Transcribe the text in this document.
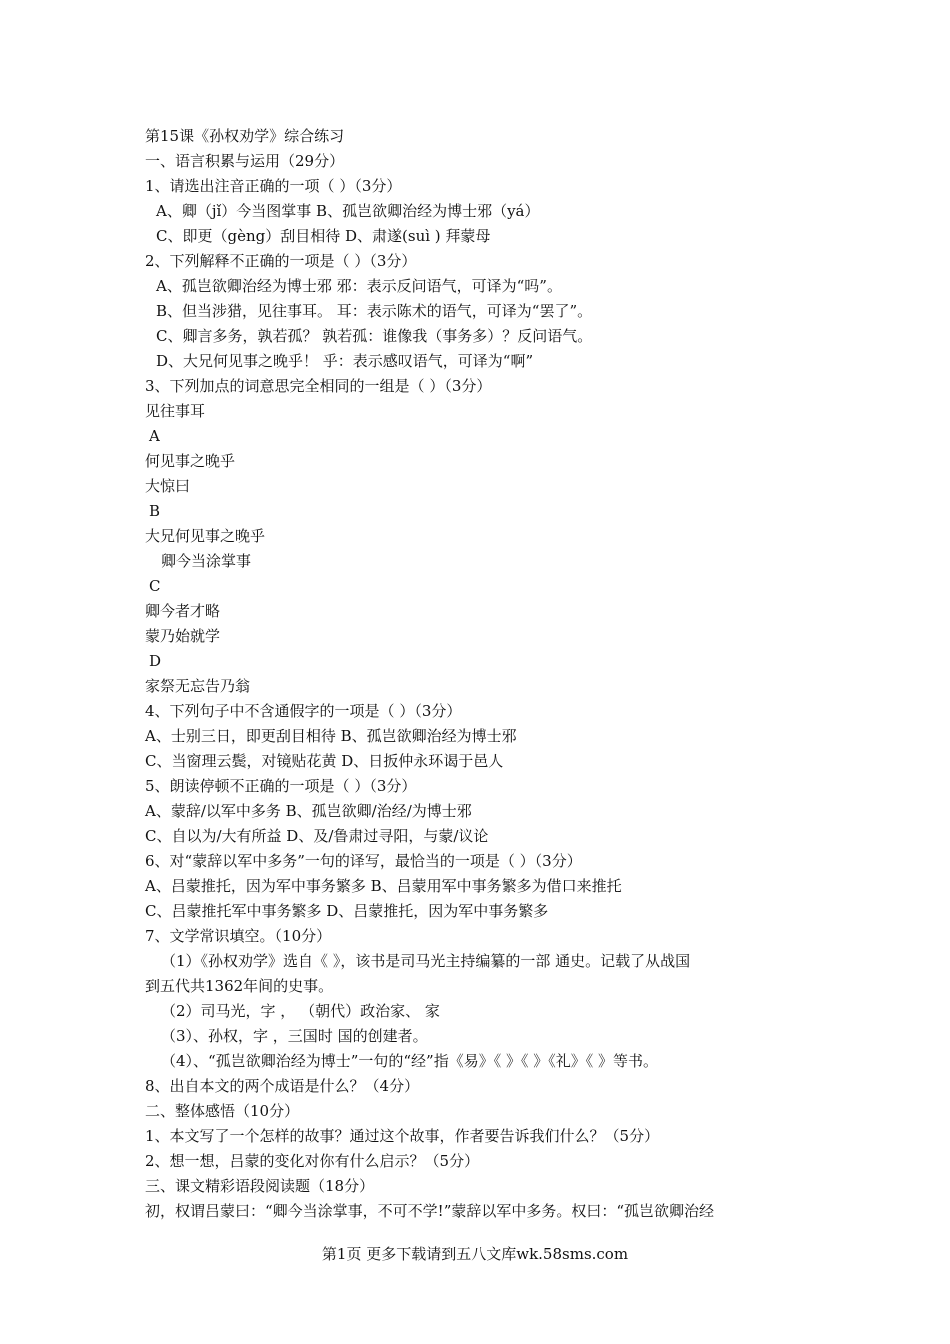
第15课《孙权劝学》综合练习
一、语言积累与运用（29分）
1、请选出注音正确的一项（ ）（3分）
A、卿（jǐ）今当图掌事 B、孤岂欲卿治经为博士邪（yá）
C、即更（gèng）刮目相待 D、肃遂(suì ) 拜蒙母
2、下列解释不正确的一项是（ ）（3分）
A、孤岂欲卿治经为博士邪 邪：表示反问语气，可译为“吗”。
B、但当涉猎，见往事耳。 耳：表示陈术的语气，可译为“罢了”。
C、卿言多务，孰若孤？ 孰若孤：谁像我（事务多）？反问语气。
D、大兄何见事之晚乎！ 乎：表示感叹语气，可译为“啊”
3、下列加点的词意思完全相同的一组是（ ）（3分）
见往事耳
A
何见事之晚乎
大惊曰
B
大兄何见事之晚乎
卿今当涂掌事
C
卿今者才略
蒙乃始就学
D
家祭无忘告乃翁
4、下列句子中不含通假字的一项是（ ）（3分）
A、士别三日，即更刮目相待 B、孤岂欲卿治经为博士邪
C、当窗理云鬓，对镜贴花黄 D、日扳仲永环谒于邑人
5、朗读停顿不正确的一项是（ ）（3分）
A、蒙辞/以军中多务 B、孤岂欲卿/治经/为博士邪
C、自以为/大有所益 D、及/鲁肃过寻阳，与蒙/议论
6、对“蒙辞以军中多务”一句的译写，最恰当的一项是（ ）（3分）
A、吕蒙推托，因为军中事务繁多 B、吕蒙用军中事务繁多为借口来推托
C、吕蒙推托军中事务繁多 D、吕蒙推托，因为军中事务繁多
7、文学常识填空。（10分）
（1）《孙权劝学》选自《 》，该书是司马光主持编纂的一部 通史。记载了从战国
到五代共1362年间的史事。
（2）司马光，字 ， （朝代）政治家、 家
（3）、孙权，字 ，三国时 国的创建者。
（4）、“孤岂欲卿治经为博士”一句的“经”指《易》《 》《 》《礼》《 》等书。
8、出自本文的两个成语是什么？（4分）
二、整体感悟（10分）
1、本文写了一个怎样的故事？通过这个故事，作者要告诉我们什么？（5分）
2、想一想，吕蒙的变化对你有什么启示？（5分）
三、课文精彩语段阅读题（18分）
初，权谓吕蒙曰：“卿今当涂掌事，不可不学!”蒙辞以军中多务。权曰：“孤岂欲卿治经
第1页 更多下载请到五八文库wk.58sms.com
